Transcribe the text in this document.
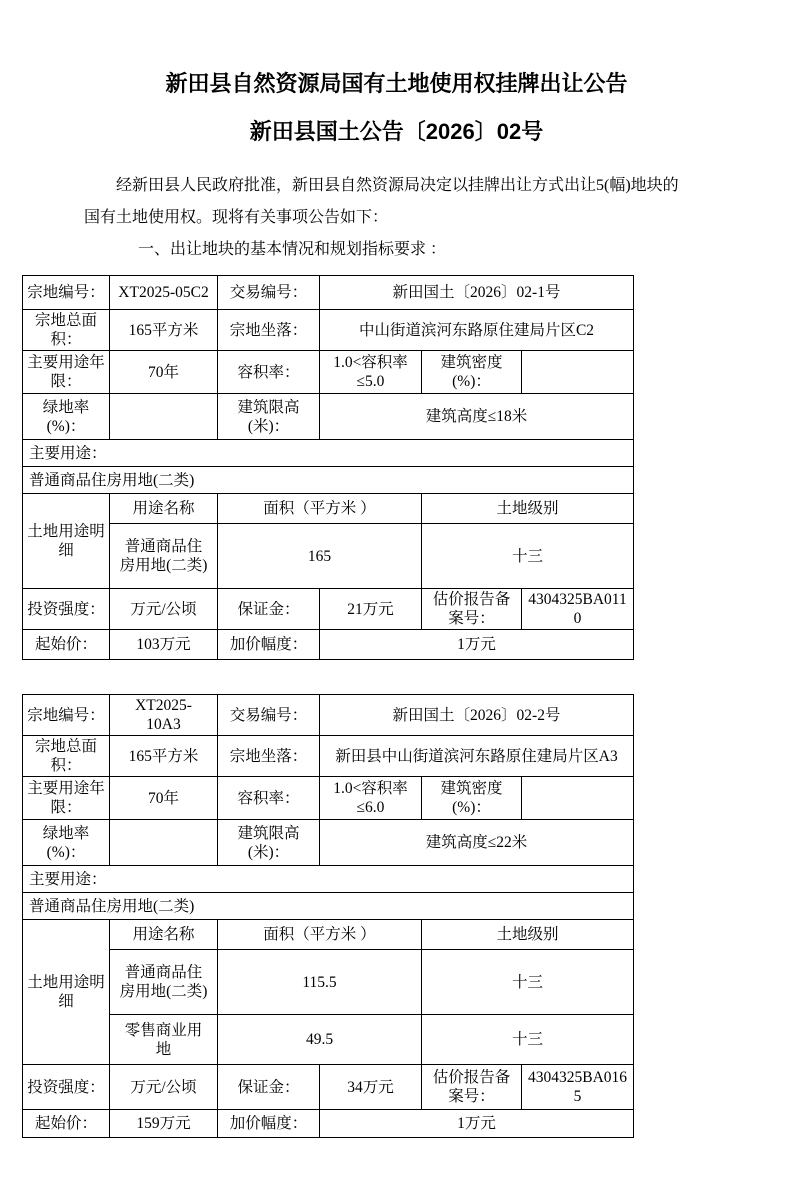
新田县自然资源局国有土地使用权挂牌出让公告
新田县国土公告〔2026〕02号

经新田县人民政府批准，新田县自然资源局决定以挂牌出让方式出让5(幅)地块的国有土地使用权。现将有关事项公告如下：

一、出让地块的基本情况和规划指标要求 ：
宗地编号：	XT2025-05C2	交易编号：	新田国土〔2026〕02-1号		
宗地总面积：	165平方米	宗地坐落：	中山街道滨河东路原住建局片区C2		
主要用途年限：	70年	容积率：	1.0<容积率≤5.0	建筑密度(%)：	
绿地率(%)：		建筑限高(米)：	建筑高度≤18米		
主要用途：					
普通商品住房用地(二类)					
土地用途明细	用途名称	面积（平方米 ）		土地级别	
	普通商品住房用地(二类)	165		十三	
投资强度：	万元/公顷	保证金：	21万元	估价报告备案号：	4304325BA0110
起始价：	103万元	加价幅度：	1万元		
宗地编号：	XT2025-10A3	交易编号：	新田国土〔2026〕02-2号		
宗地总面积：	165平方米	宗地坐落：	新田县中山街道滨河东路原住建局片区A3		
主要用途年限：	70年	容积率：	1.0<容积率≤6.0	建筑密度(%)：	
绿地率(%)：		建筑限高(米)：	建筑高度≤22米		
主要用途：					
普通商品住房用地(二类)					
土地用途明细	用途名称	面积（平方米 ）		土地级别	
	普通商品住房用地(二类)	115.5		十三	
	零售商业用地	49.5		十三	
投资强度：	万元/公顷	保证金：	34万元	估价报告备案号：	4304325BA0165
起始价：	159万元	加价幅度：	1万元		
